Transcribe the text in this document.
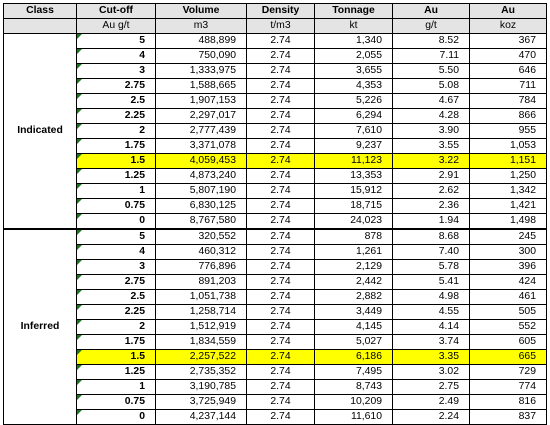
Class	Cut-off	Volume	Density	Tonnage	Au	Au
	Au g/t	m3	t/m3	kt	g/t	koz
Indicated	5	488,899	2.74	1,340	8.52	367
	4	750,090	2.74	2,055	7.11	470
	3	1,333,975	2.74	3,655	5.50	646
	2.75	1,588,665	2.74	4,353	5.08	711
	2.5	1,907,153	2.74	5,226	4.67	784
	2.25	2,297,017	2.74	6,294	4.28	866
	2	2,777,439	2.74	7,610	3.90	955
	1.75	3,371,078	2.74	9,237	3.55	1,053
	1.5	4,059,453	2.74	11,123	3.22	1,151
	1.25	4,873,240	2.74	13,353	2.91	1,250
	1	5,807,190	2.74	15,912	2.62	1,342
	0.75	6,830,125	2.74	18,715	2.36	1,421
	0	8,767,580	2.74	24,023	1.94	1,498
Inferred	5	320,552	2.74	878	8.68	245
	4	460,312	2.74	1,261	7.40	300
	3	776,896	2.74	2,129	5.78	396
	2.75	891,203	2.74	2,442	5.41	424
	2.5	1,051,738	2.74	2,882	4.98	461
	2.25	1,258,714	2.74	3,449	4.55	505
	2	1,512,919	2.74	4,145	4.14	552
	1.75	1,834,559	2.74	5,027	3.74	605
	1.5	2,257,522	2.74	6,186	3.35	665
	1.25	2,735,352	2.74	7,495	3.02	729
	1	3,190,785	2.74	8,743	2.75	774
	0.75	3,725,949	2.74	10,209	2.49	816
	0	4,237,144	2.74	11,610	2.24	837
